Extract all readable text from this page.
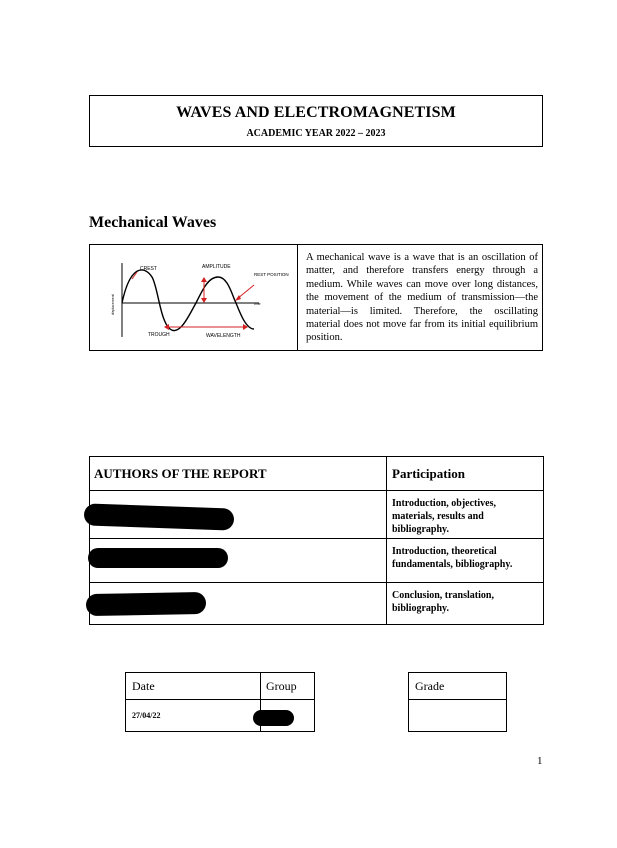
WAVES AND ELECTROMAGNETISM
ACADEMIC YEAR 2022 – 2023
Mechanical Waves
CREST	AMPLITUDE
REST POSITION
TROUGH	WAVELENGTH
time
displacement
A mechanical wave is a wave that is an oscillation of matter, and therefore transfers energy through a medium. While waves can move over long distances, the movement of the medium of transmission—the material—is limited. Therefore, the oscillating material does not move far from its initial equilibrium position.
AUTHORS OF THE REPORT	Participation
	Introduction, objectives, materials, results and bibliography.
	Introduction, theoretical fundamentals, bibliography.
	Conclusion, translation, bibliography.
Date	Group
27/04/22	
Grade

1
